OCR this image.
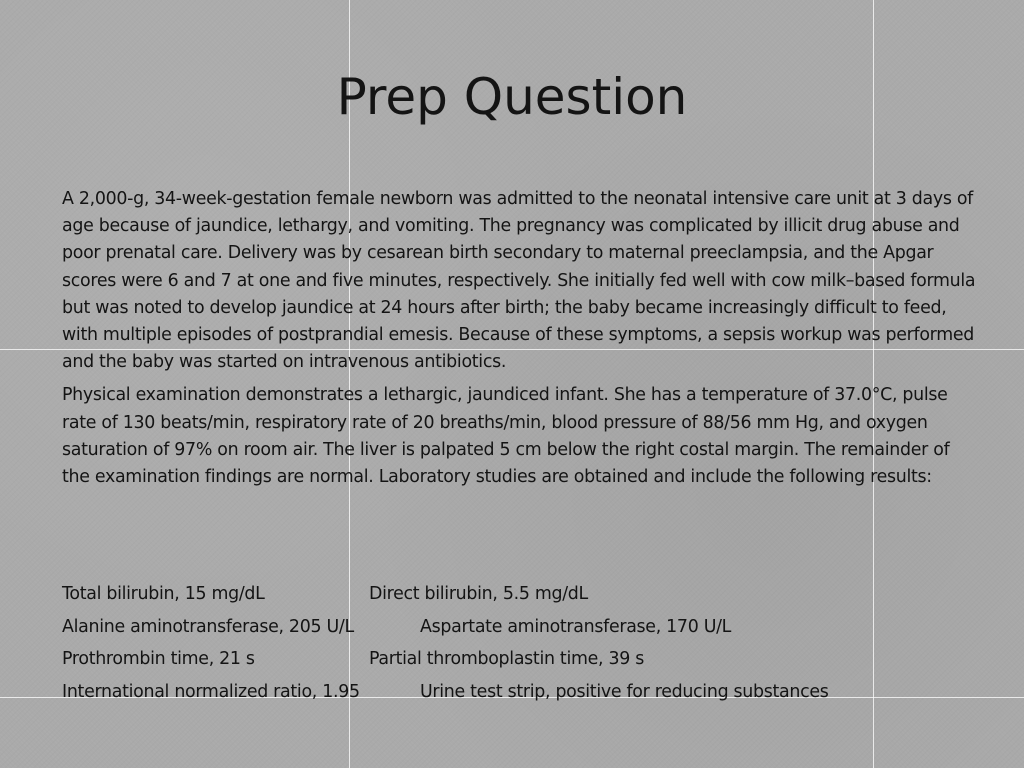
Prep Question

A 2,000-g, 34-week-gestation female newborn was admitted to the neonatal intensive care unit at 3 days of age because of jaundice, lethargy, and vomiting. The pregnancy was complicated by illicit drug abuse and poor prenatal care. Delivery was by cesarean birth secondary to maternal preeclampsia, and the Apgar scores were 6 and 7 at one and five minutes, respectively. She initially fed well with cow milk–based formula but was noted to develop jaundice at 24 hours after birth; the baby became increasingly difficult to feed, with multiple episodes of postprandial emesis. Because of these symptoms, a sepsis workup was performed and the baby was started on intravenous antibiotics.

Physical examination demonstrates a lethargic, jaundiced infant. She has a temperature of 37.0°C, pulse rate of 130 beats/min, respiratory rate of 20 breaths/min, blood pressure of 88/56 mm Hg, and oxygen saturation of 97% on room air. The liver is palpated 5 cm below the right costal margin. The remainder of the examination findings are normal. Laboratory studies are obtained and include the following results:

Total bilirubin, 15 mg/dL	Direct bilirubin, 5.5 mg/dL
Alanine aminotransferase, 205 U/L	Aspartate aminotransferase, 170 U/L
Prothrombin time, 21 s	Partial thromboplastin time, 39 s
International normalized ratio, 1.95	Urine test strip, positive for reducing substances
